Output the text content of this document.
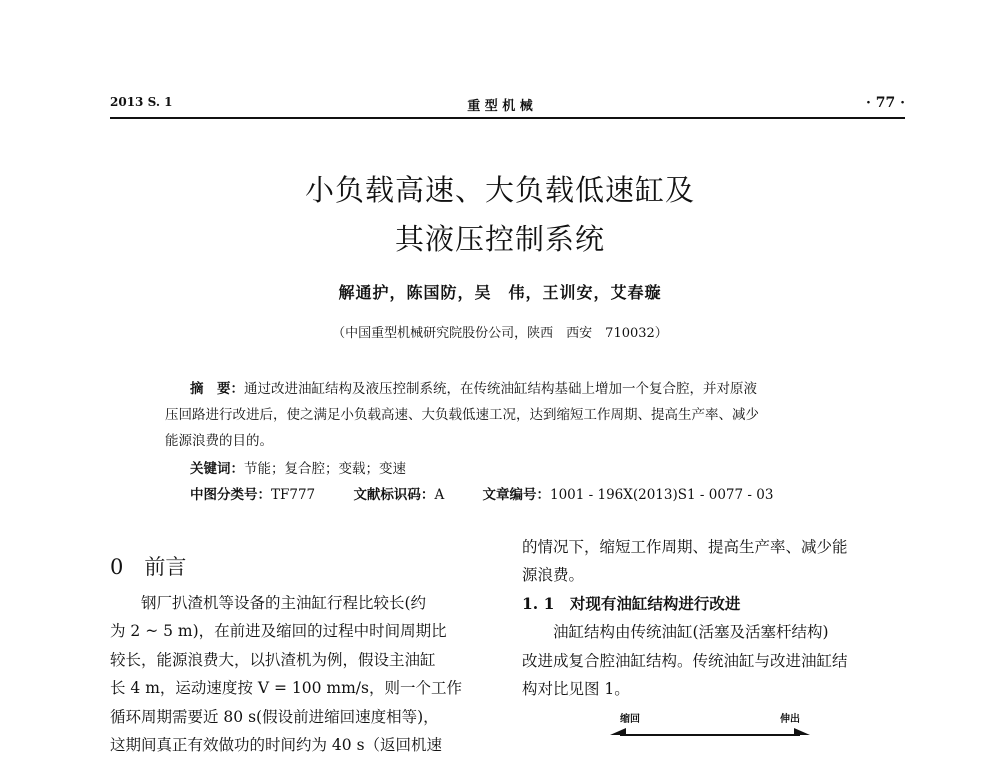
2013 S. 1	重 型 机 械	· 77 ·
小负载高速、大负载低速缸及
其液压控制系统
解通护，陈国防，吴　伟，王训安，艾春璇
（中国重型机械研究院股份公司，陕西　西安　710032）
摘　要：通过改进油缸结构及液压控制系统，在传统油缸结构基础上增加一个复合腔，并对原液
压回路进行改进后，使之满足小负载高速、大负载低速工况，达到缩短工作周期、提高生产率、减少
能源浪费的目的。
关键词：节能；复合腔；变载；变速
中图分类号：TF777	文献标识码：A	文章编号：1001 - 196X(2013)S1 - 0077 - 03
0　前言
　　钢厂扒渣机等设备的主油缸行程比较长(约
为 2 ~ 5 m)，在前进及缩回的过程中时间周期比
较长，能源浪费大，以扒渣机为例，假设主油缸
长 4 m，运动速度按 V = 100 mm/s，则一个工作
循环周期需要近 80 s(假设前进缩回速度相等)，
这期间真正有效做功的时间约为 40 s（返回机速
的情况下，缩短工作周期、提高生产率、减少能
源浪费。
1. 1　对现有油缸结构进行改进
　　油缸结构由传统油缸(活塞及活塞杆结构)
改进成复合腔油缸结构。传统油缸与改进油缸结
构对比见图 1。
缩回	伸出
